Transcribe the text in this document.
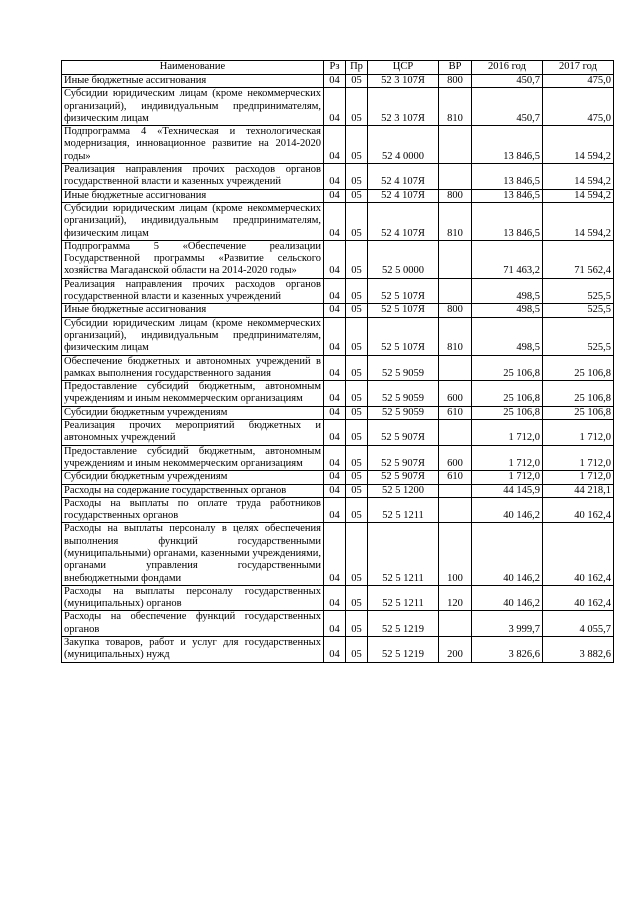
Наименование	Рз	Пр	ЦСР	ВР	2016 год	2017 год
Иные бюджетные ассигнования	04	05	52 3 107Я	800	450,7	475,0
Субсидии юридическим лицам (кроме некоммерческих организаций), индивидуальным предпринимателям, физическим лицам	04	05	52 3 107Я	810	450,7	475,0
Подпрограмма 4 «Техническая и технологическая модернизация, инновационное развитие на 2014-2020 годы»	04	05	52 4 0000		13 846,5	14 594,2
Реализация направления прочих расходов органов государственной власти и казенных учреждений	04	05	52 4 107Я		13 846,5	14 594,2
Иные бюджетные ассигнования	04	05	52 4 107Я	800	13 846,5	14 594,2
Субсидии юридическим лицам (кроме некоммерческих организаций), индивидуальным предпринимателям, физическим лицам	04	05	52 4 107Я	810	13 846,5	14 594,2
Подпрограмма 5 «Обеспечение реализации Государственной программы «Развитие сельского хозяйства Магаданской области на 2014-2020 годы»	04	05	52 5 0000		71 463,2	71 562,4
Реализация направления прочих расходов органов государственной власти и казенных учреждений	04	05	52 5 107Я		498,5	525,5
Иные бюджетные ассигнования	04	05	52 5 107Я	800	498,5	525,5
Субсидии юридическим лицам (кроме некоммерческих организаций), индивидуальным предпринимателям, физическим лицам	04	05	52 5 107Я	810	498,5	525,5
Обеспечение бюджетных и автономных учреждений в рамках выполнения государственного задания	04	05	52 5 9059		25 106,8	25 106,8
Предоставление субсидий бюджетным, автономным учреждениям и иным некоммерческим организациям	04	05	52 5 9059	600	25 106,8	25 106,8
Субсидии бюджетным учреждениям	04	05	52 5 9059	610	25 106,8	25 106,8
Реализация прочих мероприятий бюджетных и автономных учреждений	04	05	52 5 907Я		1 712,0	1 712,0
Предоставление субсидий бюджетным, автономным учреждениям и иным некоммерческим организациям	04	05	52 5 907Я	600	1 712,0	1 712,0
Субсидии бюджетным учреждениям	04	05	52 5 907Я	610	1 712,0	1 712,0
Расходы на содержание государственных органов	04	05	52 5 1200		44 145,9	44 218,1
Расходы на выплаты по оплате труда работников государственных органов	04	05	52 5 1211		40 146,2	40 162,4
Расходы на выплаты персоналу в целях обеспечения выполнения функций государственными (муниципальными) органами, казенными учреждениями, органами управления государственными внебюджетными фондами	04	05	52 5 1211	100	40 146,2	40 162,4
Расходы на выплаты персоналу государственных (муниципальных) органов	04	05	52 5 1211	120	40 146,2	40 162,4
Расходы на обеспечение функций государственных органов	04	05	52 5 1219		3 999,7	4 055,7
Закупка товаров, работ и услуг для государственных (муниципальных) нужд	04	05	52 5 1219	200	3 826,6	3 882,6
